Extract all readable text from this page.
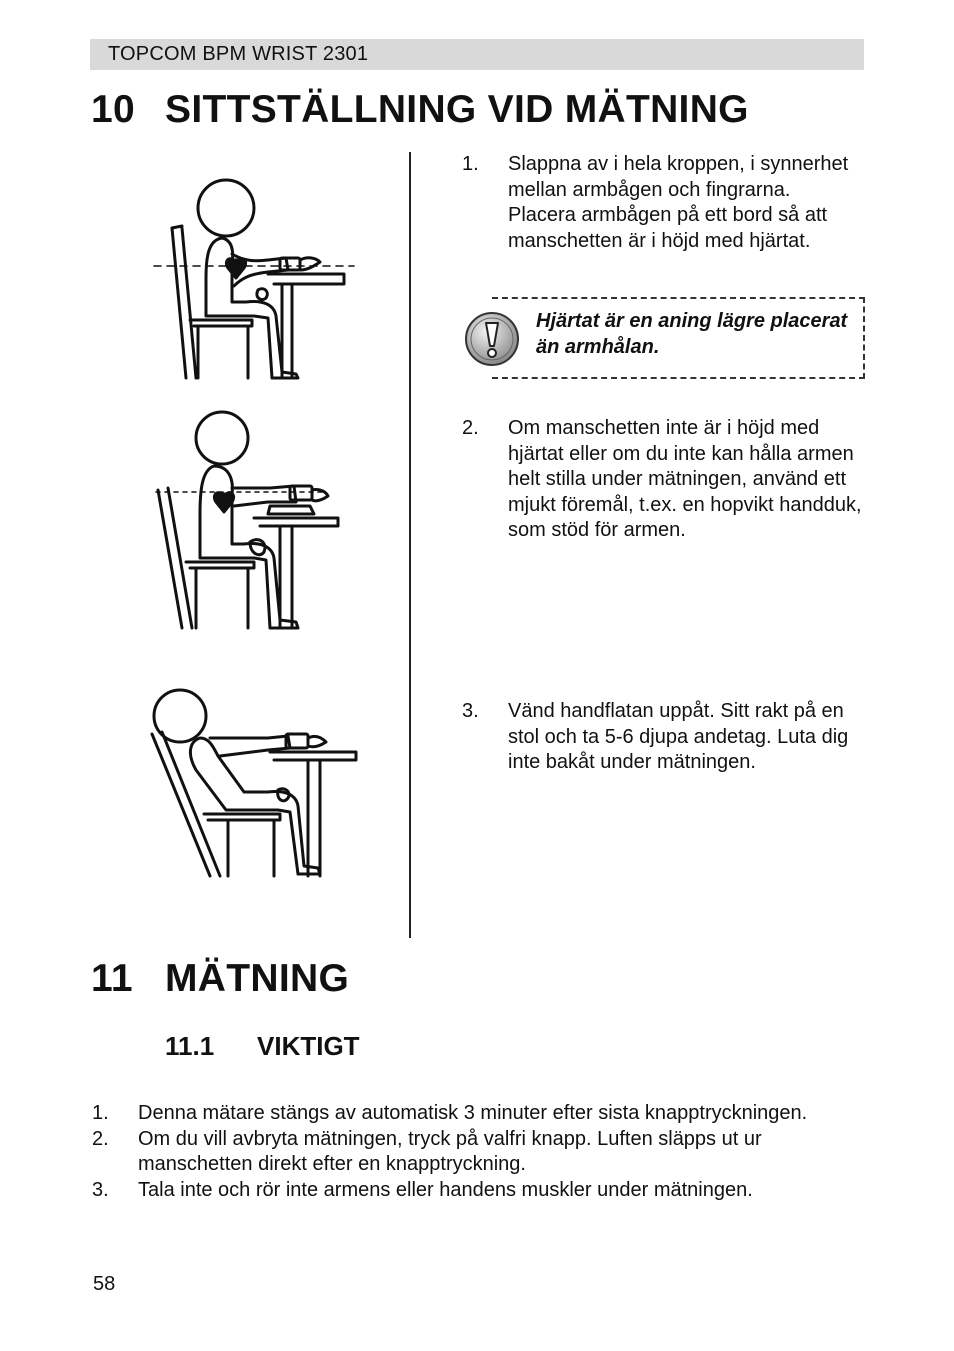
TOPCOM BPM WRIST 2301
10 SITTSTÄLLNING VID MÄTNING
1. Slappna av i hela kroppen, i synnerhet mellan armbågen och fingrarna. Placera armbågen på ett bord så att manschetten är i höjd med hjärtat.
Hjärtat är en aning lägre placerat än armhålan.
2. Om manschetten inte är i höjd med hjärtat eller om du inte kan hålla armen helt stilla under mätningen, använd ett mjukt föremål, t.ex. en hopvikt handduk, som stöd för armen.
3. Vänd handflatan uppåt. Sitt rakt på en stol och ta 5-6 djupa andetag. Luta dig inte bakåt under mätningen.
11 MÄTNING
11.1 VIKTIGT
1. Denna mätare stängs av automatisk 3 minuter efter sista knapptryckningen.
2. Om du vill avbryta mätningen, tryck på valfri knapp. Luften släpps ut ur manschetten direkt efter en knapptryckning.
3. Tala inte och rör inte armens eller handens muskler under mätningen.
58
